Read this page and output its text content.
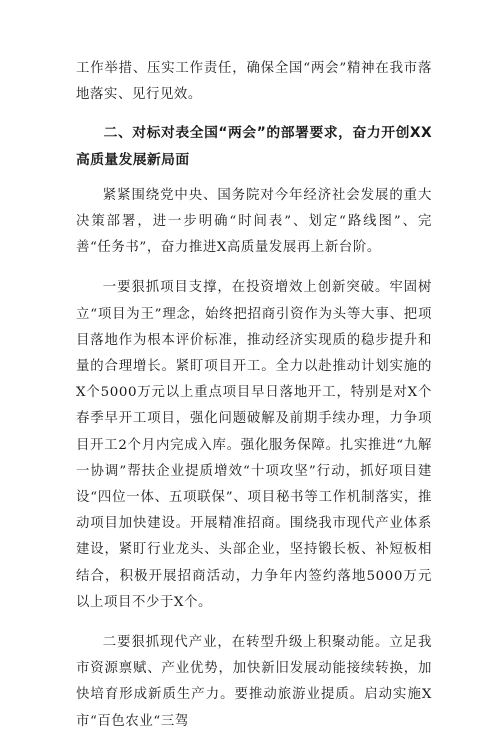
工作举措、压实工作责任，确保全国“两会”精神在我市落地落实、见行见效。

二、对标对表全国“两会”的部署要求，奋力开创XX高质量发展新局面

紧紧围绕党中央、国务院对今年经济社会发展的重大决策部署，进一步明确“时间表”、划定“路线图”、完善“任务书”，奋力推进X高质量发展再上新台阶。

一要狠抓项目支撑，在投资增效上创新突破。牢固树立“项目为王”理念，始终把招商引资作为头等大事、把项目落地作为根本评价标准，推动经济实现质的稳步提升和量的合理增长。紧盯项目开工。全力以赴推动计划实施的X个5000万元以上重点项目早日落地开工，特别是对X个春季早开工项目，强化问题破解及前期手续办理，力争项目开工2个月内完成入库。强化服务保障。扎实推进“九解一协调”帮扶企业提质增效“十项攻坚”行动，抓好项目建设“四位一体、五项联保”、项目秘书等工作机制落实，推动项目加快建设。开展精准招商。围绕我市现代产业体系建设，紧盯行业龙头、头部企业，坚持锻长板、补短板相结合，积极开展招商活动，力争年内签约落地5000万元以上项目不少于X个。

二要狠抓现代产业，在转型升级上积聚动能。立足我市资源禀赋、产业优势，加快新旧发展动能接续转换，加快培育形成新质生产力。要推动旅游业提质。启动实施X市“百色农业“三驾
